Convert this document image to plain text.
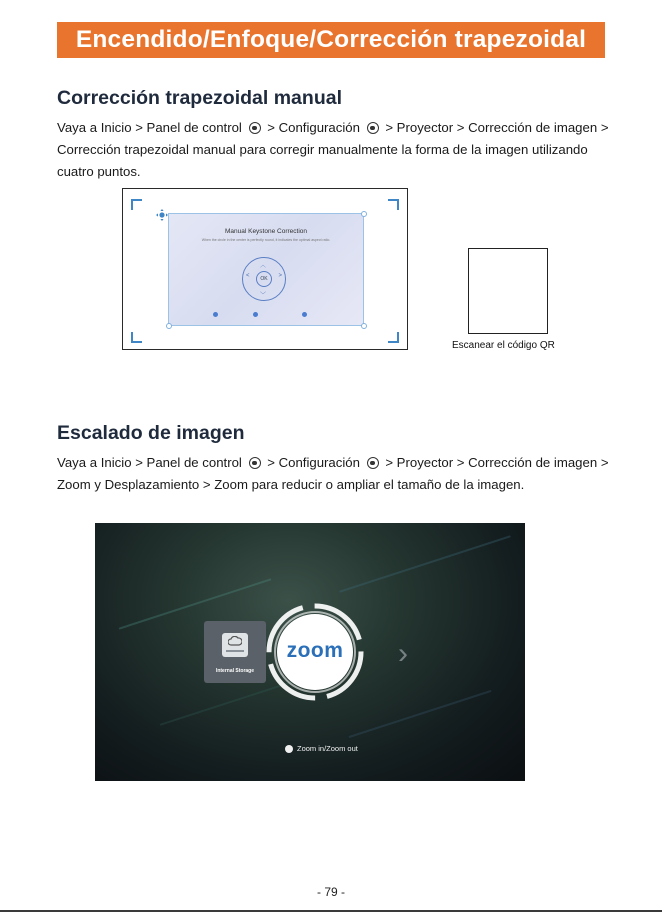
Encendido/Enfoque/Corrección trapezoidal
Corrección trapezoidal manual
Vaya a Inicio > Panel de control > Configuración > Proyector > Corrección de imagen >
Corrección trapezoidal manual para corregir manualmente la forma de la imagen utilizando
cuatro puntos.
Manual Keystone Correction
When the circle in the center is perfectly round, it indicates the optimal aspect ratio.
︿
﹀
<	>
OK

Escanear el código QR
Escalado de imagen
Vaya a Inicio > Panel de control > Configuración > Proyector > Corrección de imagen >
Zoom y Desplazamiento > Zoom para reducir o ampliar el tamaño de la imagen.
Internal Storage
zoom ›
Zoom in/Zoom out
- 79 -
